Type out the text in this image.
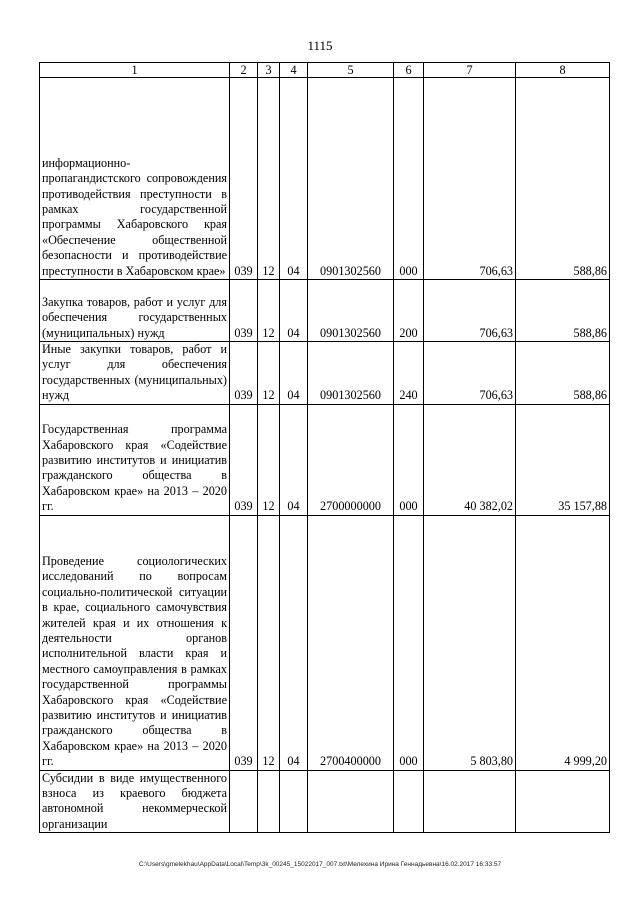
1115
1	2	3	4	5	6	7	8
информационно-пропагандистского сопровождения противодействия преступности в рамках государственной программы Хабаровского края «Обеспечение общественной безопасности и противодействие преступности в Хабаровском крае»	039	12	04	0901302560	000	706,63	588,86
Закупка товаров, работ и услуг для обеспечения государственных (муниципальных) нужд	039	12	04	0901302560	200	706,63	588,86
Иные закупки товаров, работ и услуг для обеспечения государственных (муниципальных) нужд	039	12	04	0901302560	240	706,63	588,86
Государственная программа Хабаровского края «Содействие развитию институтов и инициатив гражданского общества в Хабаровском крае» на 2013 – 2020 гг.	039	12	04	2700000000	000	40 382,02	35 157,88
Проведение социологических исследований по вопросам социально-политической ситуации в крае, социального самочувствия жителей края и их отношения к деятельности органов исполнительной власти края и местного самоуправления в рамках государственной программы Хабаровского края «Содействие развитию институтов и инициатив гражданского общества в Хабаровском крае» на 2013 – 2020 гг.	039	12	04	2700400000	000	5 803,80	4 999,20
Субсидии в виде имущественного взноса из краевого бюджета автономной некоммерческой организации							
C:\Users\gmelekhau\AppData\Local\Temp\3k_00245_15022017_007.txt\Мелехина Ирина Геннадьевна\16.02.2017 16:33:57
